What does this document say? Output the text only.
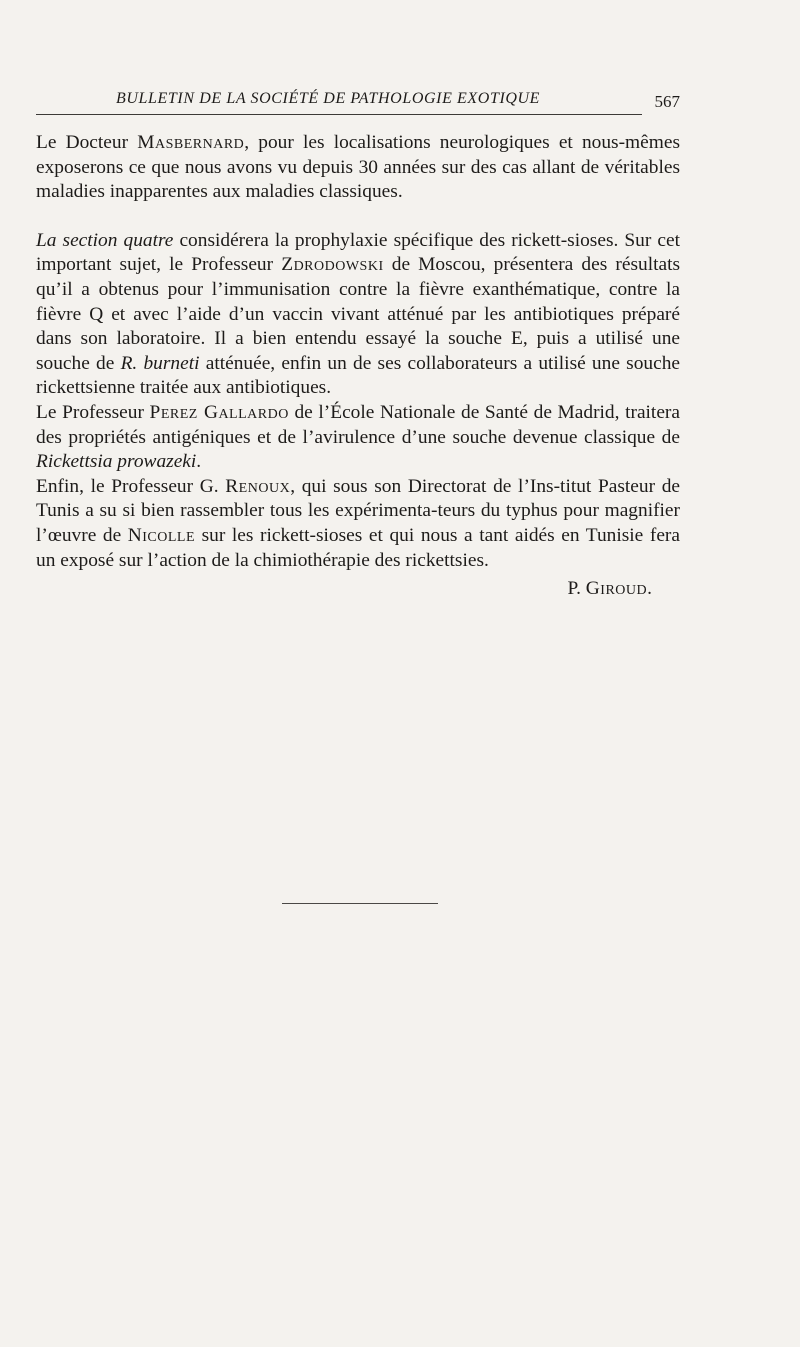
BULLETIN DE LA SOCIÉTÉ DE PATHOLOGIE EXOTIQUE	567

Le Docteur Masbernard, pour les localisations neurologiques et nous-mêmes exposerons ce que nous avons vu depuis 30 années sur des cas allant de véritables maladies inapparentes aux maladies classiques.

La section quatre considérera la prophylaxie spécifique des rickett-sioses. Sur cet important sujet, le Professeur Zdrodowski de Moscou, présentera des résultats qu’il a obtenus pour l’immunisation contre la fièvre exanthématique, contre la fièvre Q et avec l’aide d’un vaccin vivant atténué par les antibiotiques préparé dans son laboratoire. Il a bien entendu essayé la souche E, puis a utilisé une souche de R. burneti atténuée, enfin un de ses collaborateurs a utilisé une souche rickettsienne traitée aux antibiotiques.

Le Professeur Perez Gallardo de l’École Nationale de Santé de Madrid, traitera des propriétés antigéniques et de l’avirulence d’une souche devenue classique de Rickettsia prowazeki.

Enfin, le Professeur G. Renoux, qui sous son Directorat de l’Ins-titut Pasteur de Tunis a su si bien rassembler tous les expérimenta-teurs du typhus pour magnifier l’œuvre de Nicolle sur les rickett-sioses et qui nous a tant aidés en Tunisie fera un exposé sur l’action de la chimiothérapie des rickettsies.

P. Giroud.
